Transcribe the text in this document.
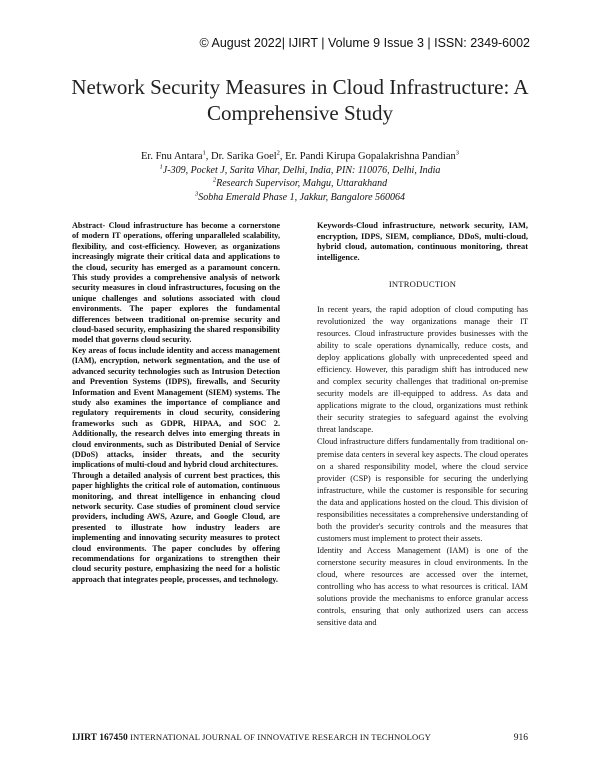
© August 2022| IJIRT | Volume 9 Issue 3 | ISSN: 2349-6002
Network Security Measures in Cloud Infrastructure: A Comprehensive Study
Er. Fnu Antara$^1$, Dr. Sarika Goel$^2$, Er. Pandi Kirupa Gopalakrishna Pandian$^3$
$^1$J-309, Pocket J, Sarita Vihar, Delhi, India, PIN: 110076, Delhi, India
$^2$Research Supervisor, Mahgu, Uttarakhand
$^3$Sobha Emerald Phase 1, Jakkur, Bangalore 560064

Abstract- Cloud infrastructure has become a cornerstone of modern IT operations, offering unparalleled scalability, flexibility, and cost-efficiency. However, as organizations increasingly migrate their critical data and applications to the cloud, security has emerged as a paramount concern. This study provides a comprehensive analysis of network security measures in cloud infrastructures, focusing on the unique challenges and solutions associated with cloud environments. The paper explores the fundamental differences between traditional on-premise security and cloud-based security, emphasizing the shared responsibility model that governs cloud security.

Key areas of focus include identity and access management (IAM), encryption, network segmentation, and the use of advanced security technologies such as Intrusion Detection and Prevention Systems (IDPS), firewalls, and Security Information and Event Management (SIEM) systems. The study also examines the importance of compliance and regulatory requirements in cloud security, considering frameworks such as GDPR, HIPAA, and SOC 2. Additionally, the research delves into emerging threats in cloud environments, such as Distributed Denial of Service (DDoS) attacks, insider threats, and the security implications of multi-cloud and hybrid cloud architectures.

Through a detailed analysis of current best practices, this paper highlights the critical role of automation, continuous monitoring, and threat intelligence in enhancing cloud network security. Case studies of prominent cloud service providers, including AWS, Azure, and Google Cloud, are presented to illustrate how industry leaders are implementing and innovating security measures to protect cloud environments. The paper concludes by offering recommendations for organizations to strengthen their cloud security posture, emphasizing the need for a holistic approach that integrates people, processes, and technology.

Keywords-Cloud infrastructure, network security, IAM, encryption, IDPS, SIEM, compliance, DDoS, multi-cloud, hybrid cloud, automation, continuous monitoring, threat intelligence.

INTRODUCTION

In recent years, the rapid adoption of cloud computing has revolutionized the way organizations manage their IT resources. Cloud infrastructure provides businesses with the ability to scale operations dynamically, reduce costs, and deploy applications globally with unprecedented speed and efficiency. However, this paradigm shift has introduced new and complex security challenges that traditional on-premise security models are ill-equipped to address. As data and applications migrate to the cloud, organizations must rethink their security strategies to safeguard against the evolving threat landscape.

Cloud infrastructure differs fundamentally from traditional on-premise data centers in several key aspects. The cloud operates on a shared responsibility model, where the cloud service provider (CSP) is responsible for securing the underlying infrastructure, while the customer is responsible for securing the data and applications hosted on the cloud. This division of responsibilities necessitates a comprehensive understanding of both the provider's security controls and the measures that customers must implement to protect their assets.

Identity and Access Management (IAM) is one of the cornerstone security measures in cloud environments. In the cloud, where resources are accessed over the internet, controlling who has access to what resources is critical. IAM solutions provide the mechanisms to enforce granular access controls, ensuring that only authorized users can access sensitive data and

IJIRT 167450 INTERNATIONAL JOURNAL OF INNOVATIVE RESEARCH IN TECHNOLOGY	916
